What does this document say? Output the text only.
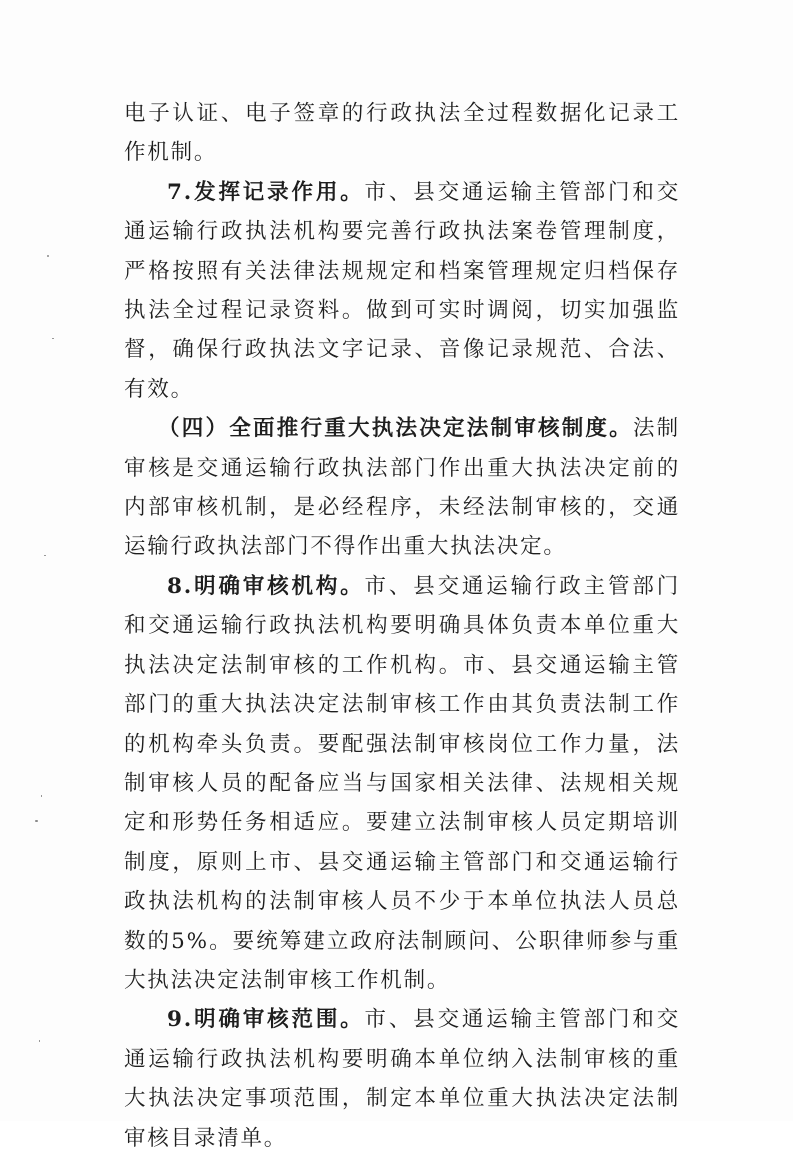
电子认证、电子签章的行政执法全过程数据化记录工作机制。

7.发挥记录作用。市、县交通运输主管部门和交通运输行政执法机构要完善行政执法案卷管理制度，严格按照有关法律法规规定和档案管理规定归档保存执法全过程记录资料。做到可实时调阅，切实加强监督，确保行政执法文字记录、音像记录规范、合法、有效。

（四）全面推行重大执法决定法制审核制度。法制审核是交通运输行政执法部门作出重大执法决定前的内部审核机制，是必经程序，未经法制审核的，交通运输行政执法部门不得作出重大执法决定。

8.明确审核机构。市、县交通运输行政主管部门和交通运输行政执法机构要明确具体负责本单位重大执法决定法制审核的工作机构。市、县交通运输主管部门的重大执法决定法制审核工作由其负责法制工作的机构牵头负责。要配强法制审核岗位工作力量，法制审核人员的配备应当与国家相关法律、法规相关规定和形势任务相适应。要建立法制审核人员定期培训制度，原则上市、县交通运输主管部门和交通运输行政执法机构的法制审核人员不少于本单位执法人员总数的5%。要统筹建立政府法制顾问、公职律师参与重大执法决定法制审核工作机制。

9.明确审核范围。市、县交通运输主管部门和交通运输行政执法机构要明确本单位纳入法制审核的重大执法决定事项范围，制定本单位重大执法决定法制审核目录清单。
